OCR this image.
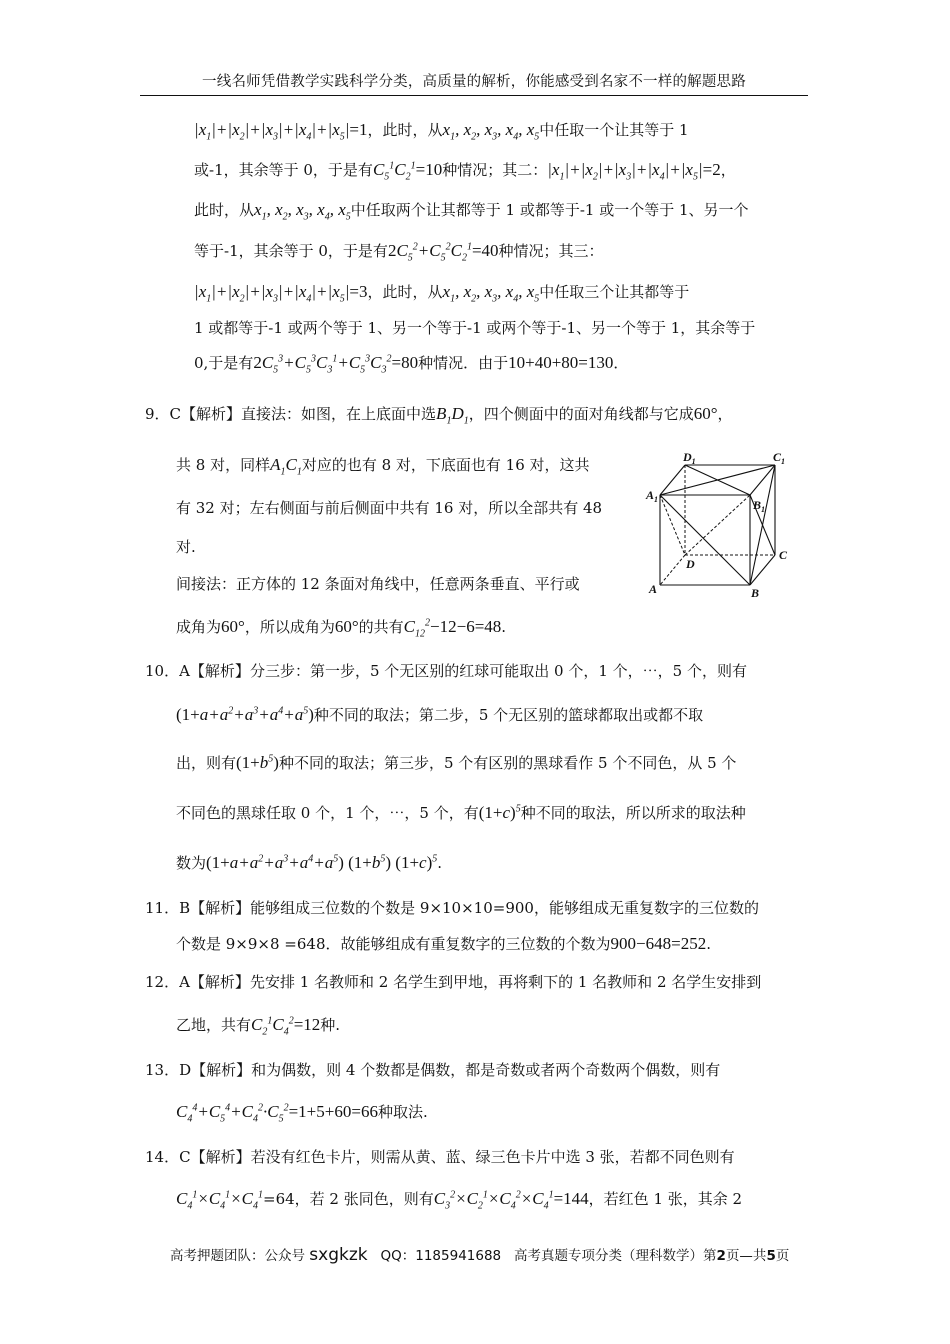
一线名师凭借教学实践科学分类，高质量的解析，你能感受到名家不一样的解题思路
$|x_1|+|x_2|+|x_3|+|x_4|+|x_5|=1$，此时，从$x_1$, $x_2$, $x_3$, $x_4$, $x_5$中任取一个让其等于 1
或-1，其余等于 0，于是有$C_5^1C_2^1=10$种情况；其二：$|x_1|+|x_2|+|x_3|+|x_4|+|x_5|=2$，
此时，从$x_1$, $x_2$, $x_3$, $x_4$, $x_5$中任取两个让其都等于 1 或都等于-1 或一个等于 1、另一个
等于-1，其余等于 0，于是有$2C_5^2+C_5^2C_2^1=40$种情况；其三：
$|x_1|+|x_2|+|x_3|+|x_4|+|x_5|=3$，此时，从$x_1$, $x_2$, $x_3$, $x_4$, $x_5$中任取三个让其都等于
1 或都等于-1 或两个等于 1、另一个等于-1 或两个等于-1、另一个等于 1，其余等于
0,于是有$2C_5^3+C_5^3C_3^1+C_5^3C_3^2=80$种情况．由于10+40+80=130．
9．C【解析】直接法：如图，在上底面中选$B_1D_1$，四个侧面中的面对角线都与它成60°，
共 8 对，同样$A_1C_1$对应的也有 8 对，下底面也有 16 对，这共
有 32 对；左右侧面与前后侧面中共有 16 对，所以全部共有 48
对.
间接法：正方体的 12 条面对角线中，任意两条垂直、平行或
成角为60°，所以成角为60°的共有$C_{12}^2-12-6=48$.
$D_1$	$C_1$
$A_1$	$B_1$
D
C
A	B
10．A【解析】分三步：第一步，5 个无区别的红球可能取出 0 个，1 个，⋯，5 个，则有
$(1+a+a^2+a^3+a^4+a^5)$种不同的取法；第二步，5 个无区别的篮球都取出或都不取
出，则有$(1+b^5)$种不同的取法；第三步，5 个有区别的黑球看作 5 个不同色，从 5 个
不同色的黑球任取 0 个，1 个，⋯，5 个，有$(1+c)^5$种不同的取法，所以所求的取法种
数为$(1+a+a^2+a^3+a^4+a^5)$ $(1+b^5)$ $(1+c)^5$.
11．B【解析】能够组成三位数的个数是 9×10×10=900，能够组成无重复数字的三位数的
个数是 9×9×8 =648．故能够组成有重复数字的三位数的个数为900−648=252.
12．A【解析】先安排 1 名教师和 2 名学生到甲地，再将剩下的 1 名教师和 2 名学生安排到
乙地，共有$C_2^1C_4^2=12$种.
13．D【解析】和为偶数，则 4 个数都是偶数，都是奇数或者两个奇数两个偶数，则有
$C_4^4+C_5^4+C_4^2\cdot C_5^2=1+5+60=66$种取法.
14．C【解析】若没有红色卡片，则需从黄、蓝、绿三色卡片中选 3 张，若都不同色则有
$C_4^1\times C_4^1\times C_4^1=64$，若 2 张同色，则有$C_3^2\times C_2^1\times C_4^2\times C_4^1=144$，若红色 1 张，其余 2
高考押题团队：公众号 sxgkzk QQ：1185941688 高考真题专项分类（理科数学）第2页—共5页
